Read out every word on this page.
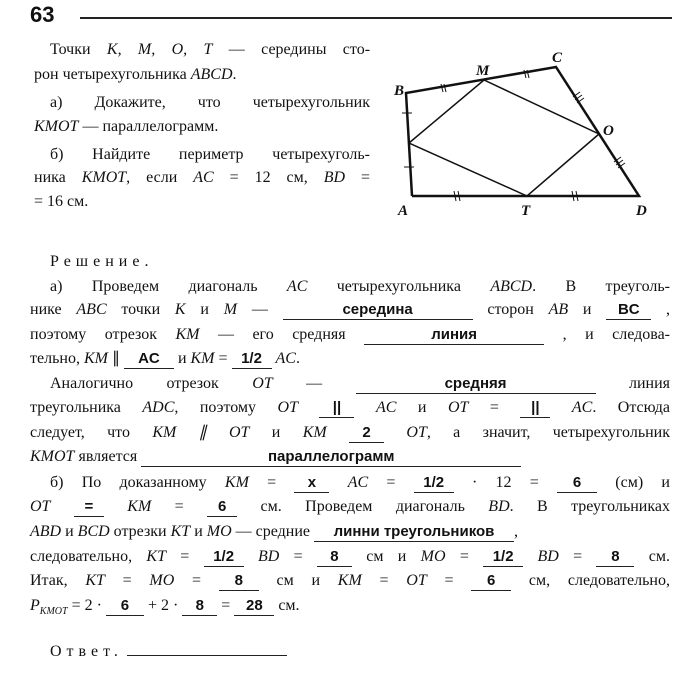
63
Точки K, M, O, T — середины сто-
рон четырехугольника ABCD.
а) Докажите, что четырехугольник
KMOT — параллелограмм.
б) Найдите периметр четырехуголь-
ника KMOT, если AC = 12 см, BD =
= 16 см.
A
B
C
D
M
O
T
Решение.
а) Проведем диагональ AC четырехугольника ABCD. В треуголь-
нике ABC точки K и M —	середина	сторон AB и BC ,
поэтому отрезок KM — его средняя	линия	, и следова-
тельно, KM ∥ AC и KM = 1/2 AC.
Аналогично отрезок OT —	средняя	линия
треугольника ADC, поэтому OT || AC и OT = || AC. Отсюда
следует, что KM ∥ OT и KM 2 OT, а значит, четырехугольник
KMOT является	параллелограмм
б) По доказанному KM = x AC = 1/2 · 12 = 6 (см) и
OT = KM = 6 см. Проведем диагональ BD. В треугольниках
ABD и BCD отрезки KT и MO — средние линни треугольников ,
следовательно, KT = 1/2 BD = 8 см и MO = 1/2 BD = 8 см.
Итак, KT = MO = 8 см и KM = OT = 6 см, следовательно,
$P_{KMOT} = 2 \cdot 6 + 2 \cdot 8 = 28$ см.
Ответ.
